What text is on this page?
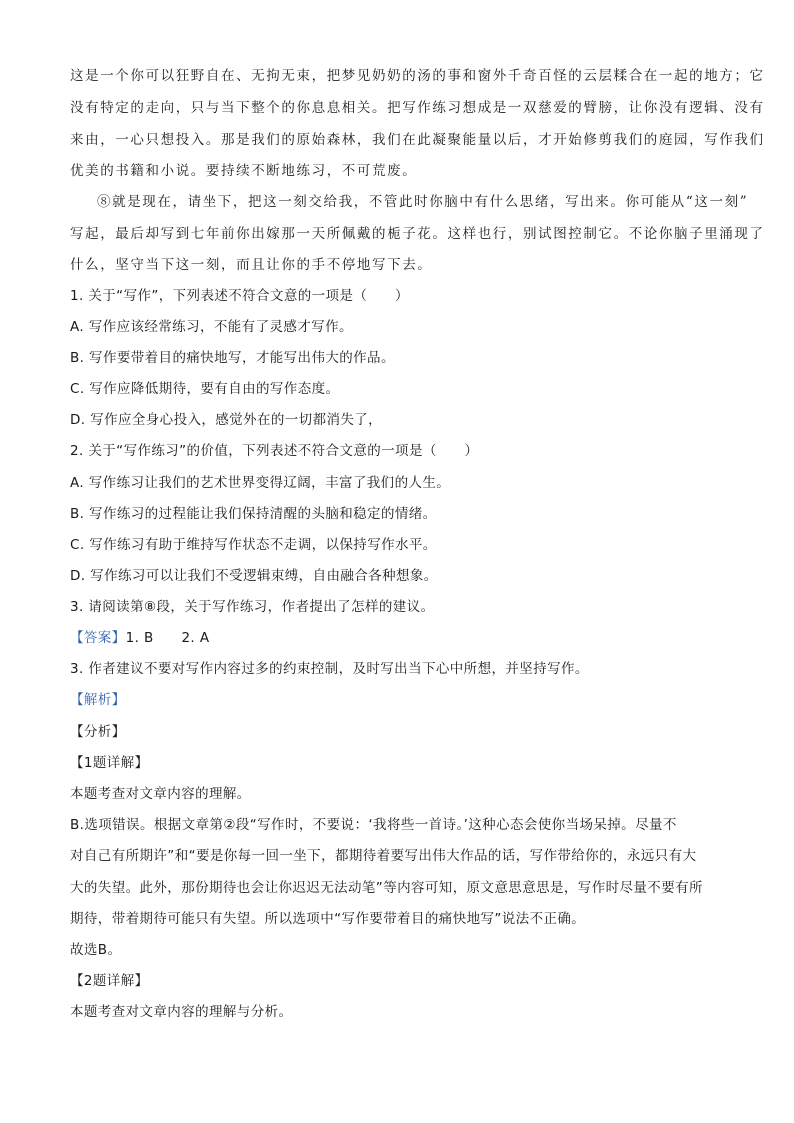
这是一个你可以狂野自在、无拘无束，把梦见奶奶的汤的事和窗外千奇百怪的云层糅合在一起的地方；它
没有特定的走向，只与当下整个的你息息相关。把写作练习想成是一双慈爱的臂膀，让你没有逻辑、没有
来由，一心只想投入。那是我们的原始森林，我们在此凝聚能量以后，才开始修剪我们的庭园，写作我们
优美的书籍和小说。要持续不断地练习，不可荒废。
⑧就是现在，请坐下，把这一刻交给我，不管此时你脑中有什么思绪，写出来。你可能从“这一刻”
写起，最后却写到七年前你出嫁那一天所佩戴的栀子花。这样也行，别试图控制它。不论你脑子里涌现了
什么，坚守当下这一刻，而且让你的手不停地写下去。
1. 关于“写作”，下列表述不符合文意的一项是（　　）
A. 写作应该经常练习，不能有了灵感才写作。
B. 写作要带着目的痛快地写，才能写出伟大的作品。
C. 写作应降低期待，要有自由的写作态度。
D. 写作应全身心投入，感觉外在的一切都消失了，
2. 关于“写作练习”的价值，下列表述不符合文意的一项是（　　）
A. 写作练习让我们的艺术世界变得辽阔，丰富了我们的人生。
B. 写作练习的过程能让我们保持清醒的头脑和稳定的情绪。
C. 写作练习有助于维持写作状态不走调，以保持写作水平。
D. 写作练习可以让我们不受逻辑束缚，自由融合各种想象。
3. 请阅读第⑧段，关于写作练习，作者提出了怎样的建议。
【答案】1. B　　2. A
3. 作者建议不要对写作内容过多的约束控制，及时写出当下心中所想，并坚持写作。
【解析】
【分析】
【1题详解】
本题考查对文章内容的理解。
B.选项错误。根据文章第②段“写作时，不要说：‘我将些一首诗。’这种心态会使你当场呆掉。尽量不
对自己有所期许”和“要是你每一回一坐下，都期待着要写出伟大作品的话，写作带给你的，永远只有大
大的失望。此外，那份期待也会让你迟迟无法动笔”等内容可知，原文意思意思是，写作时尽量不要有所
期待，带着期待可能只有失望。所以选项中“写作要带着目的痛快地写”说法不正确。
故选B。
【2题详解】
本题考查对文章内容的理解与分析。
